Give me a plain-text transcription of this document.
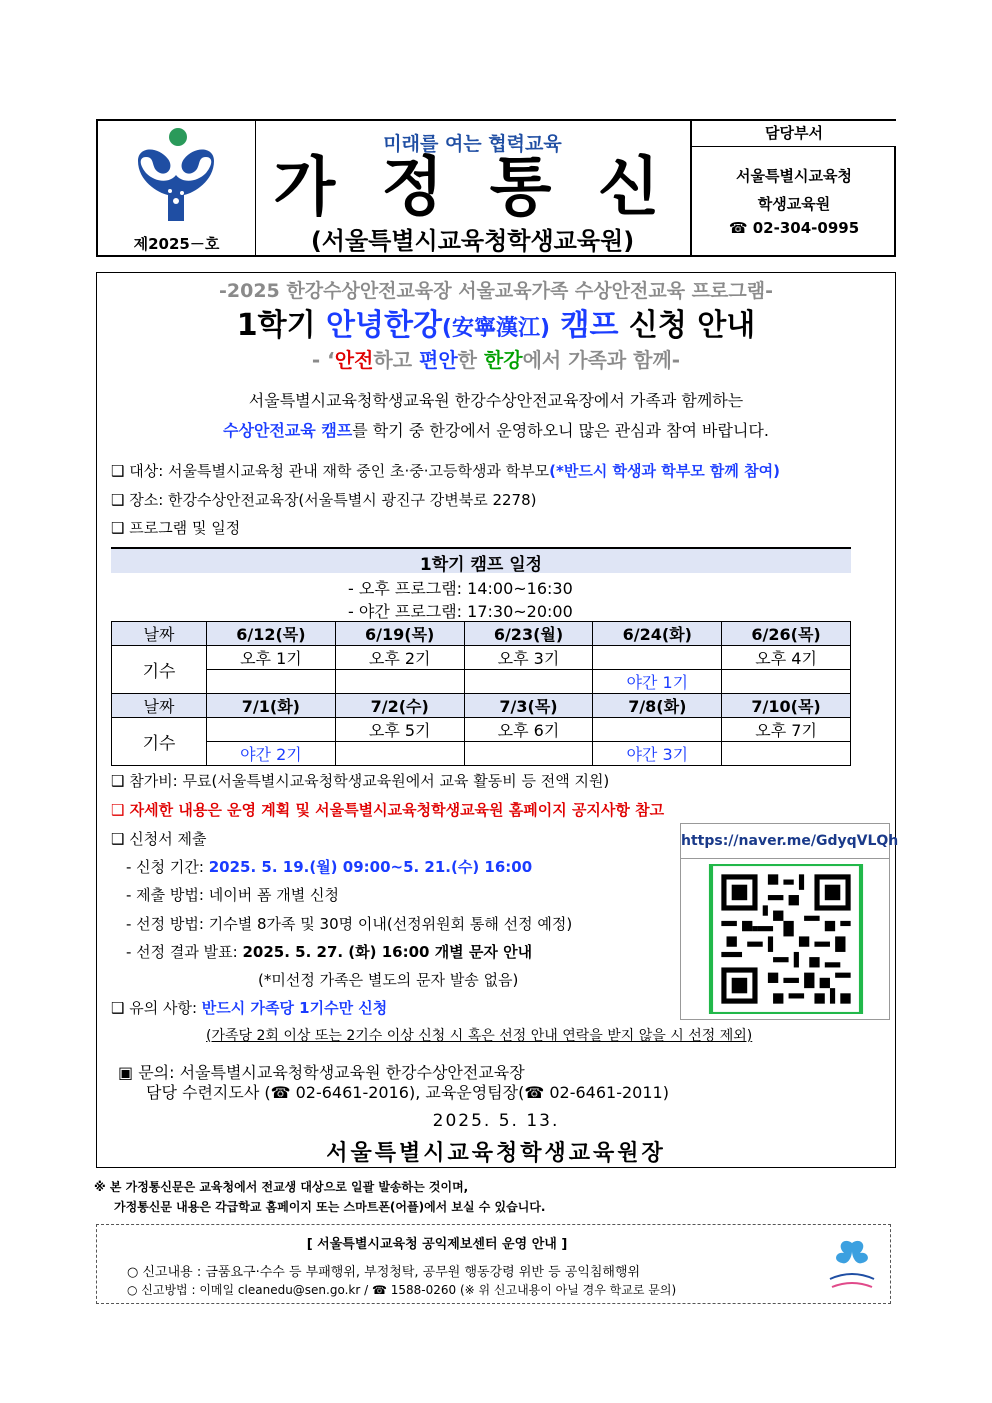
제2025－호
미래를 여는 협력교육
가 정 통 신
(서울특별시교육청학생교육원)
담당부서
서울특별시교육청
학생교육원
☎ 02-304-0995
-2025 한강수상안전교육장 서울교육가족 수상안전교육 프로그램-
1학기 안녕한강(安寧漢江) 캠프 신청 안내
- ‘안전하고 편안한 한강에서 가족과 함께-
서울특별시교육청학생교육원 한강수상안전교육장에서 가족과 함께하는
수상안전교육 캠프를 학기 중 한강에서 운영하오니 많은 관심과 참여 바랍니다.
❑ 대상: 서울특별시교육청 관내 재학 중인 초·중·고등학생과 학부모(*반드시 학생과 학부모 함께 참여)
❑ 장소: 한강수상안전교육장(서울특별시 광진구 강변북로 2278)
❑ 프로그램 및 일정
1학기 캠프 일정
- 오후 프로그램: 14:00~16:30
- 야간 프로그램: 17:30~20:00
날짜	6/12(목)	6/19(목)	6/23(월)	6/24(화)	6/26(목)
기수	오후 1기	오후 2기	오후 3기		오후 4기
				야간 1기	
날짜	7/1(화)	7/2(수)	7/3(목)	7/8(화)	7/10(목)
기수		오후 5기	오후 6기		오후 7기
	야간 2기			야간 3기	
❑ 참가비: 무료(서울특별시교육청학생교육원에서 교육 활동비 등 전액 지원)
❑ 자세한 내용은 운영 계획 및 서울특별시교육청학생교육원 홈페이지 공지사항 참고
❑ 신청서 제출
- 신청 기간: 2025. 5. 19.(월) 09:00~5. 21.(수) 16:00
- 제출 방법: 네이버 폼 개별 신청
- 선정 방법: 기수별 8가족 및 30명 이내(선정위원회 통해 선정 예정)
- 선정 결과 발표: 2025. 5. 27. (화) 16:00 개별 문자 안내
(*미선정 가족은 별도의 문자 발송 없음)
❑ 유의 사항: 반드시 가족당 1기수만 신청
(가족당 2회 이상 또는 2기수 이상 신청 시 혹은 선정 안내 연락을 받지 않을 시 선정 제외)
https://naver.me/GdyqVLQh
▣ 문의: 서울특별시교육청학생교육원 한강수상안전교육장
담당 수련지도사 (☎ 02-6461-2016), 교육운영팀장(☎ 02-6461-2011)
2025. 5. 13.
서울특별시교육청학생교육원장
※ 본 가정통신문은 교육청에서 전교생 대상으로 일괄 발송하는 것이며,
가정통신문 내용은 각급학교 홈페이지 또는 스마트폰(어플)에서 보실 수 있습니다.
[ 서울특별시교육청 공익제보센터 운영 안내 ]
○ 신고내용 : 금품요구·수수 등 부패행위, 부정청탁, 공무원 행동강령 위반 등 공익침해행위
○ 신고방법 : 이메일 cleanedu@sen.go.kr / ☎ 1588-0260 (※ 위 신고내용이 아닐 경우 학교로 문의)
